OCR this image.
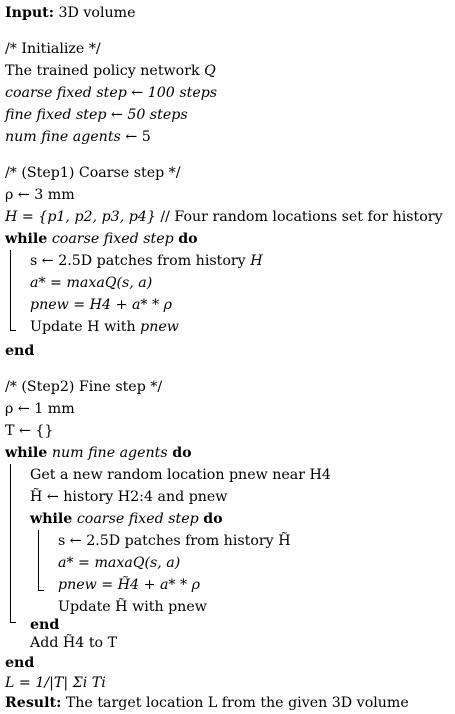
Input: 3D volume
/* Initialize */
The trained policy network Q
coarse fixed step ← 100 steps
fine fixed step ← 50 steps
num fine agents ← 5
/* (Step1) Coarse step */
ρ ← 3 mm
H = {p1, p2, p3, p4} // Four random locations set for history
while coarse fixed step do
s ← 2.5D patches from history H
a* = maxaQ(s, a)
pnew = H4 + a* * ρ
Update H with pnew
end
/* (Step2) Fine step */
ρ ← 1 mm
T ← {}
while num fine agents do
Get a new random location pnew near H4
H̃ ← history H2:4 and pnew
while coarse fixed step do
s ← 2.5D patches from history H̃
a* = maxaQ(s, a)
pnew = H̃4 + a* * ρ
Update H̃ with pnew
end
Add H̃4 to T
end
L = 1/|T| Σi Ti
Result: The target location L from the given 3D volume
